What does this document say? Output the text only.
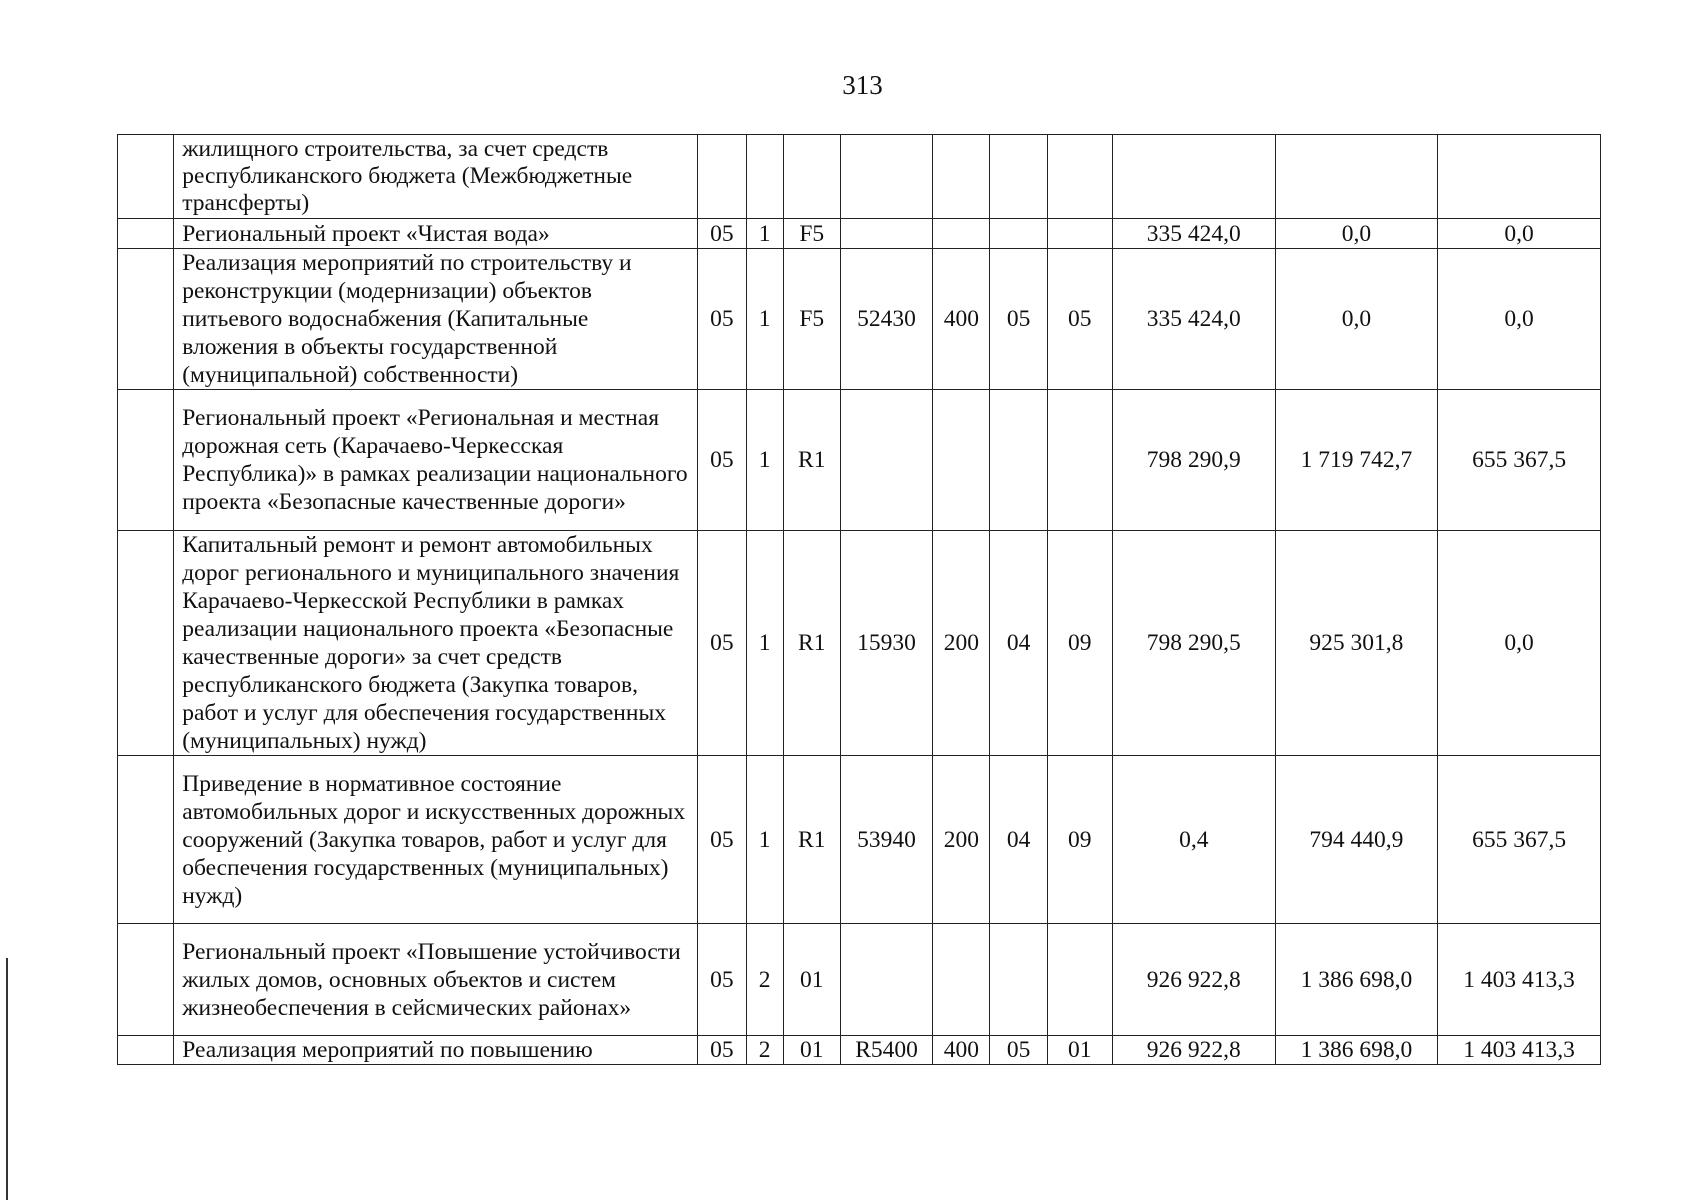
313
	жилищного строительства, за счет средств республиканского бюджета (Межбюджетные трансферты)										
	Региональный проект «Чистая вода»	05	1	F5					335 424,0	0,0	0,0
	Реализация мероприятий по строительству и реконструкции (модернизации) объектов питьевого водоснабжения (Капитальные вложения в объекты государственной (муниципальной) собственности)	05	1	F5	52430	400	05	05	335 424,0	0,0	0,0
	Региональный проект «Региональная и местная дорожная сеть (Карачаево-Черкесская Республика)» в рамках реализации национального проекта «Безопасные качественные дороги»	05	1	R1					798 290,9	1 719 742,7	655 367,5
	Капитальный ремонт и ремонт автомобильных дорог регионального и муниципального значения Карачаево-Черкесской Республики в рамках реализации национального проекта «Безопасные качественные дороги» за счет средств республиканского бюджета (Закупка товаров, работ и услуг для обеспечения государственных (муниципальных) нужд)	05	1	R1	15930	200	04	09	798 290,5	925 301,8	0,0
	Приведение в нормативное состояние автомобильных дорог и искусственных дорожных сооружений (Закупка товаров, работ и услуг для обеспечения государственных (муниципальных) нужд)	05	1	R1	53940	200	04	09	0,4	794 440,9	655 367,5
	Региональный проект «Повышение устойчивости жилых домов, основных объектов и систем жизнеобеспечения в сейсмических районах»	05	2	01					926 922,8	1 386 698,0	1 403 413,3
	Реализация мероприятий по повышению	05	2	01	R5400	400	05	01	926 922,8	1 386 698,0	1 403 413,3
